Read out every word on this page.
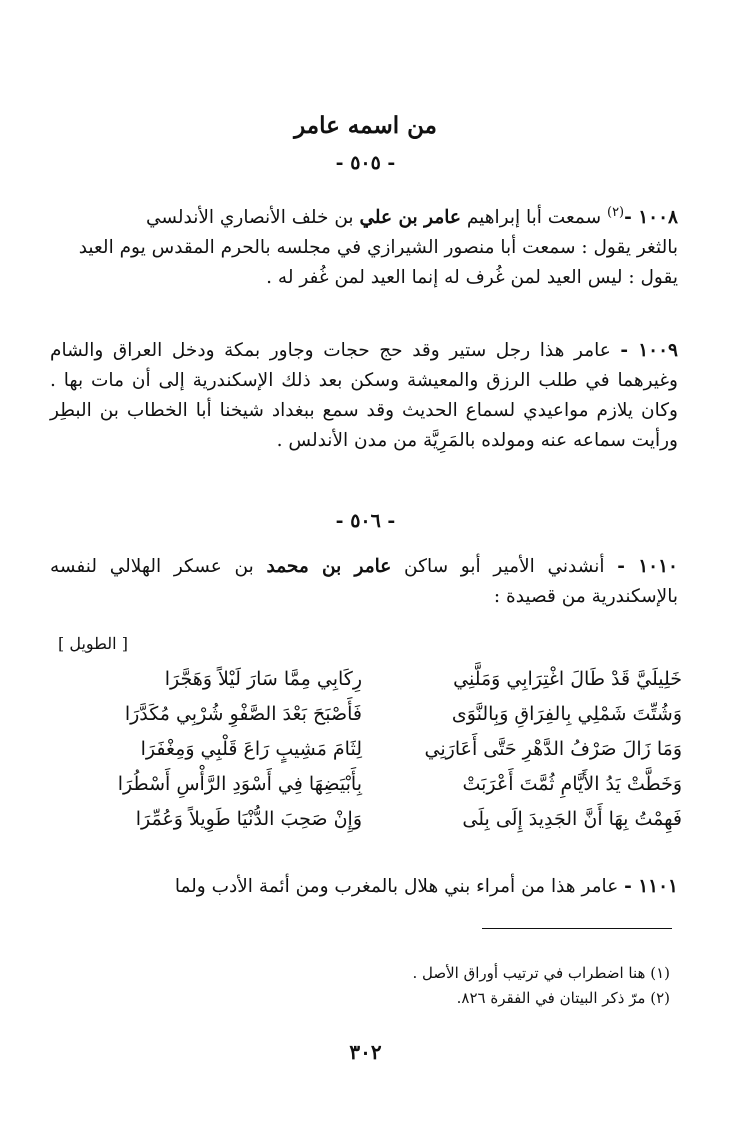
من اسمه عامر
- ٥٠٥ -
١٠٠٨ -$^{(٢)}$ سمعت أبا إبراهيم عامر بن علي بن خلف الأنصاري الأندلسي
بالثغر يقول : سمعت أبا منصور الشيرازي في مجلسه بالحرم المقدس يوم العيد
يقول : ليس العيد لمن غُرف له إنما العيد لمن غُفر له .
١٠٠٩ - عامر هذا رجل ستير وقد حج حجات وجاور بمكة ودخل العراق والشام وغيرهما في طلب الرزق والمعيشة وسكن بعد ذلك الإسكندرية إلى أن مات بها . وكان يلازم مواعيدي لسماع الحديث وقد سمع ببغداد شيخنا أبا الخطاب بن البطِر ورأيت سماعه عنه ومولده بالمَرِيَّة من مدن الأندلس .
- ٥٠٦ -
١٠١٠ - أنشدني الأمير أبو ساكن عامر بن محمد بن عسكر الهلالي لنفسه بالإسكندرية من قصيدة :
[ الطويل ]
خَلِيلَيَّ قَدْ طَالَ اغْتِرَابِي وَمَلَّنِي
رِكَابِي مِمَّا سَارَ لَيْلاً وَهَجَّرَا
وَشُتِّتَ شَمْلِي بِالفِرَاقِ وَبِالنَّوَى
فَأَصْبَحَ بَعْدَ الصَّفْوِ شُرْبِي مُكَدَّرَا
وَمَا زَالَ صَرْفُ الدَّهْرِ حَتَّى أَعَارَنِي
لِثَامَ مَشِيبٍ رَاعَ قَلْبِي وَمِغْفَرَا
وَخَطَّتْ يَدُ الأَيَّامِ ثُمَّتَ أَعْرَبَتْ
بِأَبْيَضِهَا فِي أَسْوَدِ الرَّأْسِ أَسْطُرَا
فَهِمْتُ بِهَا أَنَّ الجَدِيدَ إِلَى بِلَى
وَإِنْ صَحِبَ الدُّنْيَا طَوِيلاً وَعُمِّرَا
١١٠١ - عامر هذا من أمراء بني هلال بالمغرب ومن أئمة الأدب ولما
(١) هنا اضطراب في ترتيب أوراق الأصل .
(٢) مرّ ذكر البيتان في الفقرة ٨٢٦.
٣٠٢
